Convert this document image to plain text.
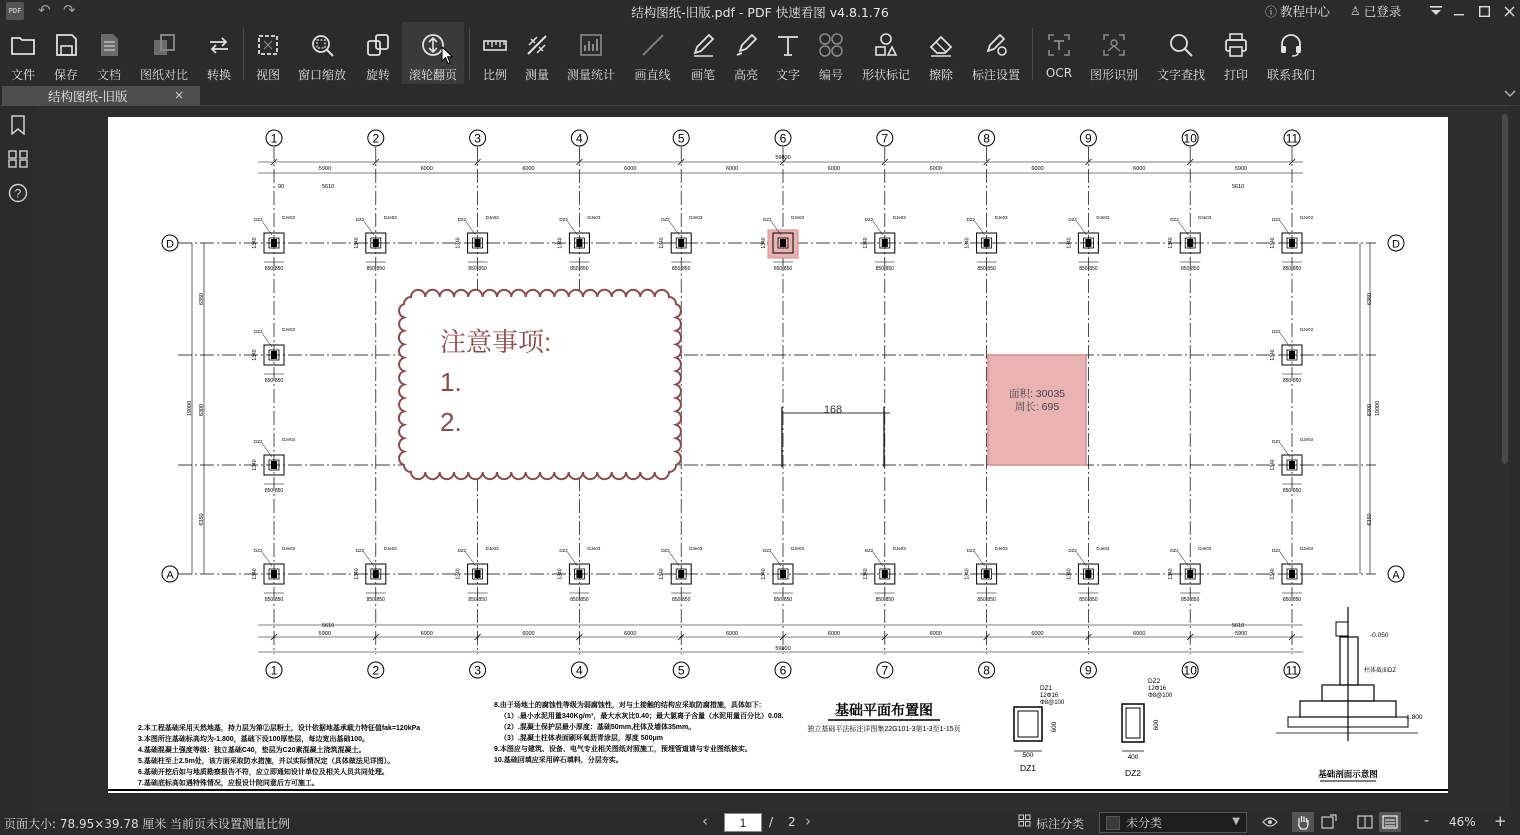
PDF ↶ ↷	结构图纸-旧版.pdf - PDF 快速看图 v4.8.1.76	ⓘ 教程中心 ♙ 已登录
文件 保存 文档 图纸对比 转换 视图 窗口缩放 旋转 滚轮翻页 比例 测量 测量统计 画直线 画笔 高亮 文字 编号 形状标记 擦除 标注设置 OCR 图形识别 文字查找 打印 联系我们
结构图纸-旧版	×
?
1
1
2
2
3
3
4
4
5
5
6
6
7
7
8
8
9
9
10
10
11
11
D	D
A	A
5900
5900
6000
6000
6000
6000
6000
6000
6000
6000
6000
6000
6000
6000
6000
6000
6000
6000
5900
5900
59800
59800
90	5610	5610
5610	5610
6350	6350
6300	6300
6350	6350
19000	19000
850 850
1340
DZ2	DJe03
850 850
1340
DZ2	DJe03
850 850
1340
DZ2	DJe03
850 850
1340
DZ2	DJe03
850 850
1340
DZ2	DJe03
850 850
1340
DZ2	DJe03
850 850
1340
DZ2	DJe03
850 850
1340
DZ2	DJe03
850 850
1340
DZ2	DJe03
850 850
1340
DZ2	DJe03
850 850
1340
DZ2	DJe03
850 850
1340
DZ2	DJe03
850 850
1340
DZ2	DJe03
850 850
1340
DZ2	DJe03
850 850
1340
DZ2	DJe03
850 850
1340
DZ2	DJe03
850 850
1340
DZ2	DJe03
850 850
1340
DZ2	DJe03
850 850
1340
DZ2	DJe03
850 850
1340
DZ2	DJe03
850 850
1340
DZ2	DJe03
850 850
1340
DZ2	DJe03
850 850
1340
DZ2	DJe03
850 850
1340
DZ2	DJe03
850 850
1340
DZ2	DJe03
850 850
1340
DZ2	DJe03
注意事项:
1.
2.	168
面积: 30035
周长: 695
基础平面布置图
独立基础平法标注详图集22G101-3第1-3至1-15页
2.本工程基础采用天然地基，持力层为第②层粉土，设计依据地基承载力特征值fak=120kPa
3.本图所注基础标高均为-1.800，基础下设100厚垫层，每边宽出基础100。
4.基础混凝土强度等级：独立基础C40，垫层为C20素混凝土浇筑混凝土。
5.基础柱至上2.5m处，该方面采取防水措施，并以实际情况定（具体做法见详图）。
6.基础开挖后如与地质勘察报告不符，应立即通知设计单位及相关人员共同处理。
7.基础底标高如遇特殊情况，应报设计院同意后方可施工。
8.由于场地土的腐蚀性等级为弱腐蚀性，对与土接触的结构应采取防腐措施，具体如下:
（1）.最小水泥用量340Kg/m³，最大水灰比0.40；最大氯离子含量（水泥用量百分比）0.08.
（2）.混凝土保护层最小厚度：基础50mm,柱体及墙体35mm。
（3）.混凝土柱体表面刷环氧沥青涂层，厚度 500μm
9.本图应与建筑、设备、电气专业相关图纸对照施工，预埋管道请与专业图纸核实。
10.基础回填应采用碎石填料，分层夯实。
DZ1
12Φ16
Φ8@100
500
600
DZ1
DZ2
12Φ16
Φ8@100
400
600
DZ2
-0.050
-1.800
柱体截面DZ
基础剖面示意图
页面大小: 78.95×39.78 厘米 当前页未设置测量比例	‹
1	/ 2 ›	标注分类	未分类	▼	- 46% +
